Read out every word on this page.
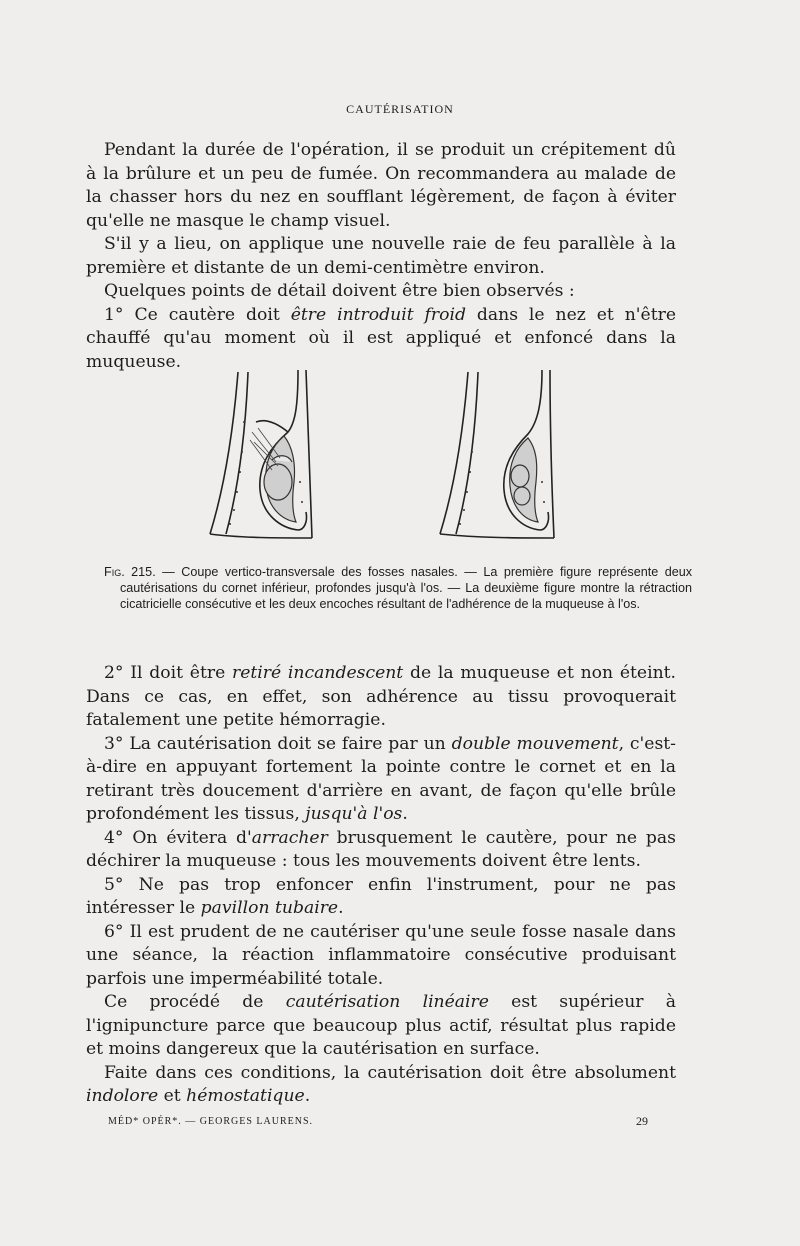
CAUTÉRISATION

Pendant la durée de l'opération, il se produit un crépitement dû à la brûlure et un peu de fumée. On recommandera au malade de la chasser hors du nez en soufflant légèrement, de façon à éviter qu'elle ne masque le champ visuel.

S'il y a lieu, on applique une nouvelle raie de feu parallèle à la première et distante de un demi-centimètre environ.

Quelques points de détail doivent être bien observés :

1° Ce cautère doit être introduit froid dans le nez et n'être chauffé qu'au moment où il est appliqué et enfoncé dans la muqueuse.

Fig. 215. — Coupe vertico-transversale des fosses nasales. — La première figure représente deux cautérisations du cornet inférieur, profondes jusqu'à l'os. — La deuxième figure montre la rétraction cicatricielle consécutive et les deux encoches résultant de l'adhérence de la muqueuse à l'os.

2° Il doit être retiré incandescent de la muqueuse et non éteint. Dans ce cas, en effet, son adhérence au tissu provoquerait fatalement une petite hémorragie.

3° La cautérisation doit se faire par un double mouvement, c'est-à-dire en appuyant fortement la pointe contre le cornet et en la retirant très doucement d'arrière en avant, de façon qu'elle brûle profondément les tissus, jusqu'à l'os.

4° On évitera d'arracher brusquement le cautère, pour ne pas déchirer la muqueuse : tous les mouvements doivent être lents.

5° Ne pas trop enfoncer enfin l'instrument, pour ne pas intéresser le pavillon tubaire.

6° Il est prudent de ne cautériser qu'une seule fosse nasale dans une séance, la réaction inflammatoire consécutive produisant parfois une imperméabilité totale.

Ce procédé de cautérisation linéaire est supérieur à l'ignipuncture parce que beaucoup plus actif, résultat plus rapide et moins dangereux que la cautérisation en surface.

Faite dans ces conditions, la cautérisation doit être absolument indolore et hémostatique.

MÉD* OPÉR*. — GEORGES LAURENS.	29
